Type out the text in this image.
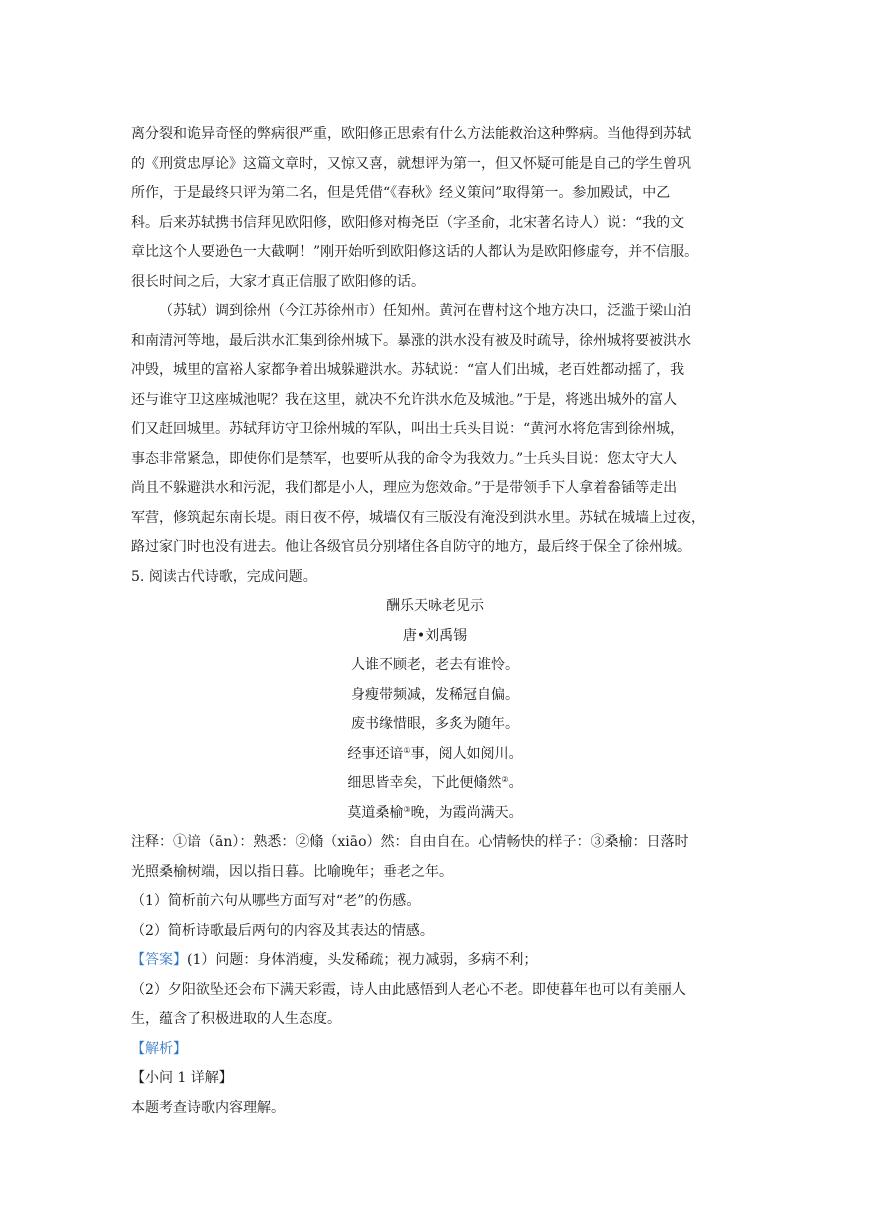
离分裂和诡异奇怪的弊病很严重，欧阳修正思索有什么方法能救治这种弊病。当他得到苏轼
的《刑赏忠厚论》这篇文章时，又惊又喜，就想评为第一，但又怀疑可能是自己的学生曾巩
所作，于是最终只评为第二名，但是凭借“《春秋》经义策问”取得第一。参加殿试，中乙
科。后来苏轼携书信拜见欧阳修，欧阳修对梅尧臣（字圣俞，北宋著名诗人）说：“我的文
章比这个人要逊色一大截啊！”刚开始听到欧阳修这话的人都认为是欧阳修虚夸，并不信服。
很长时间之后，大家才真正信服了欧阳修的话。
（苏轼）调到徐州（今江苏徐州市）任知州。黄河在曹村这个地方决口，泛滥于梁山泊
和南清河等地，最后洪水汇集到徐州城下。暴涨的洪水没有被及时疏导，徐州城将要被洪水
冲毁，城里的富裕人家都争着出城躲避洪水。苏轼说：“富人们出城，老百姓都动摇了，我
还与谁守卫这座城池呢？我在这里，就决不允许洪水危及城池。”于是，将逃出城外的富人
们又赶回城里。苏轼拜访守卫徐州城的军队，叫出士兵头目说：“黄河水将危害到徐州城，
事态非常紧急，即使你们是禁军，也要听从我的命令为我效力。”士兵头目说：您太守大人
尚且不躲避洪水和污泥，我们都是小人，理应为您效命。”于是带领手下人拿着畚锸等走出
军营，修筑起东南长堤。雨日夜不停，城墙仅有三版没有淹没到洪水里。苏轼在城墙上过夜，
路过家门时也没有进去。他让各级官员分别堵住各自防守的地方，最后终于保全了徐州城。
5. 阅读古代诗歌，完成问题。
酬乐天咏老见示
唐•刘禹锡
人谁不顾老，老去有谁怜。
身瘦带频减，发稀冠自偏。
废书缘惜眼，多炙为随年。
经事还谙①事，阅人如阅川。
细思皆幸矣，下此便翛然②。
莫道桑榆③晚，为霞尚满天。
注释：①谙（ān）：熟悉：②翛（xiāo）然：自由自在。心情畅快的样子：③桑榆：日落时
光照桑榆树端，因以指日暮。比喻晚年；垂老之年。
（1）简析前六句从哪些方面写对“老”的伤感。
（2）简析诗歌最后两句的内容及其表达的情感。
【答案】(1）问题：身体消瘦，头发稀疏；视力减弱，多病不利；
（2）夕阳欲坠还会布下满天彩霞，诗人由此感悟到人老心不老。即使暮年也可以有美丽人
生，蕴含了积极进取的人生态度。
【解析】
【小问 1 详解】
本题考查诗歌内容理解。
